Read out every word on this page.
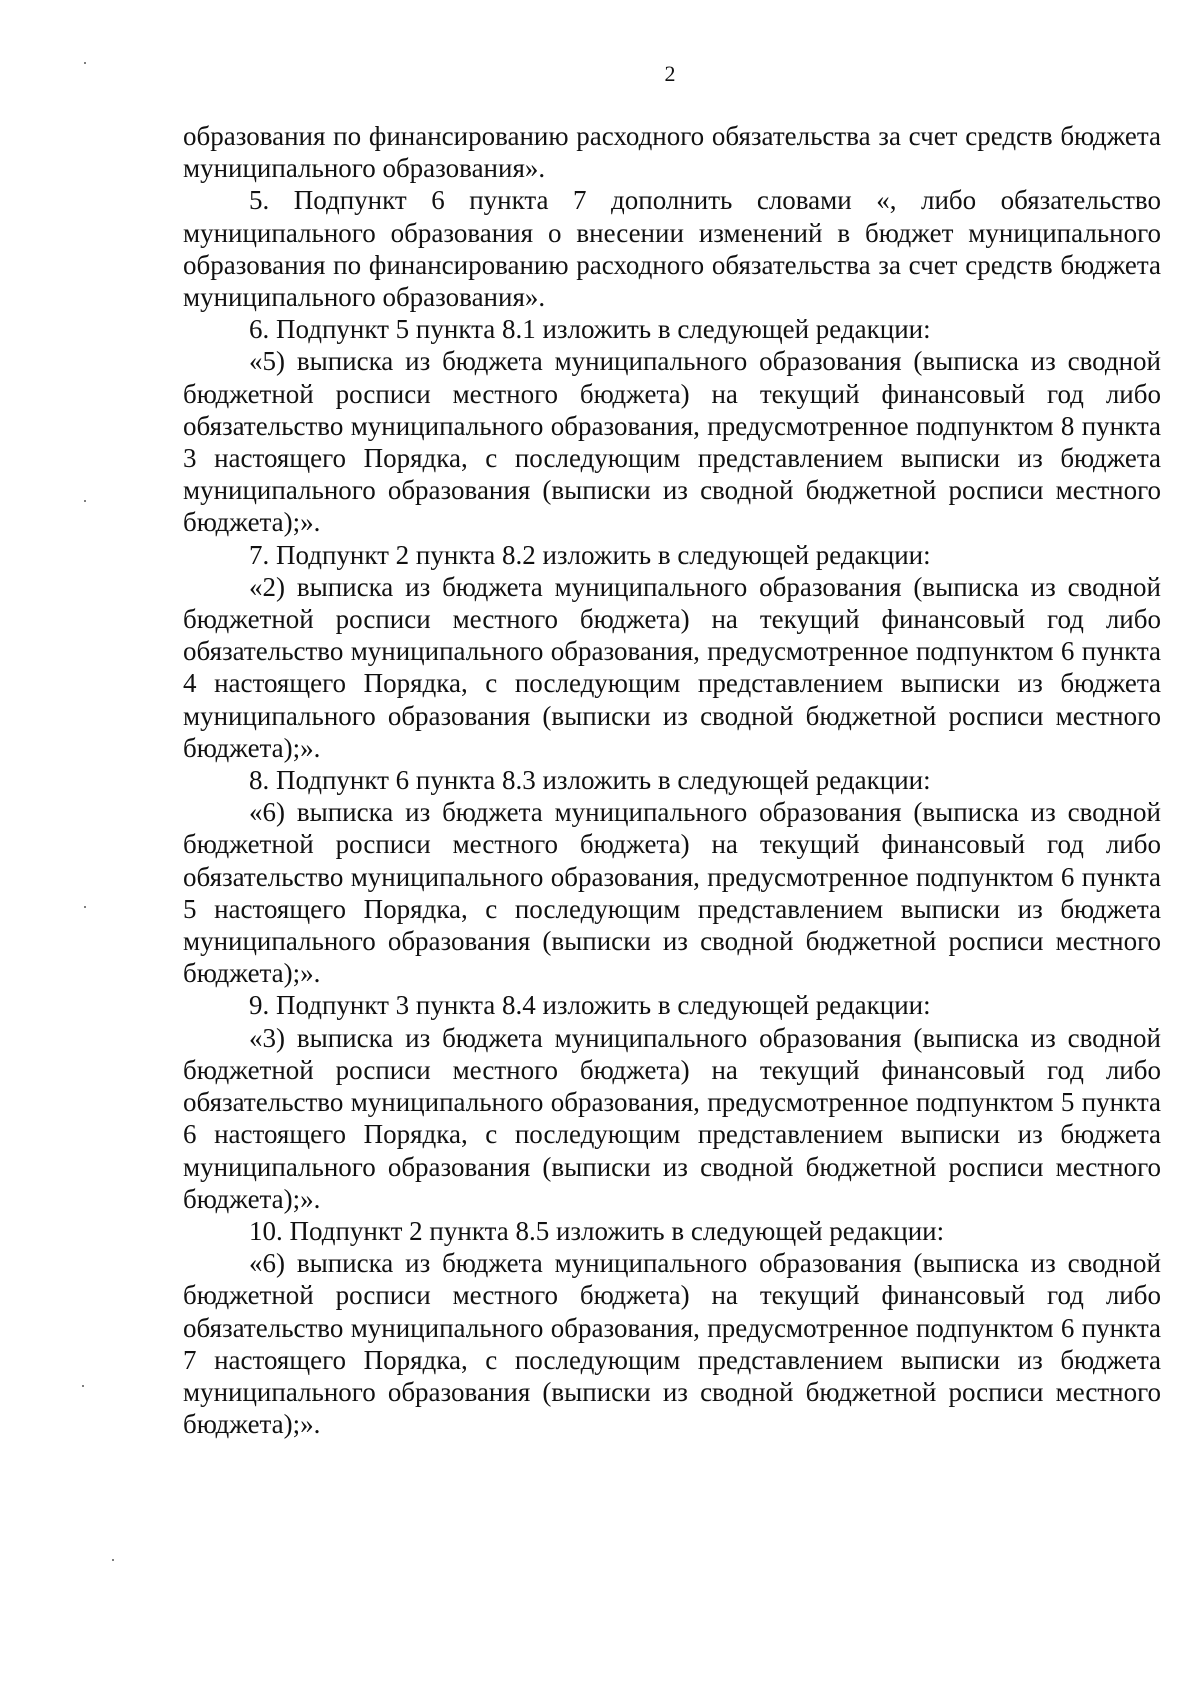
2

образования по финансированию расходного обязательства за счет средств бюджета муниципального образования».

5. Подпункт 6 пункта 7 дополнить словами «, либо обязательство муниципального образования о внесении изменений в бюджет муниципального образования по финансированию расходного обязательства за счет средств бюджета муниципального образования».

6. Подпункт 5 пункта 8.1 изложить в следующей редакции:

«5) выписка из бюджета муниципального образования (выписка из сводной бюджетной росписи местного бюджета) на текущий финансовый год либо обязательство муниципального образования, предусмотренное подпунктом 8 пункта 3 настоящего Порядка, с последующим представлением выписки из бюджета муниципального образования (выписки из сводной бюджетной росписи местного бюджета);».

7. Подпункт 2 пункта 8.2 изложить в следующей редакции:

«2) выписка из бюджета муниципального образования (выписка из сводной бюджетной росписи местного бюджета) на текущий финансовый год либо обязательство муниципального образования, предусмотренное подпунктом 6 пункта 4 настоящего Порядка, с последующим представлением выписки из бюджета муниципального образования (выписки из сводной бюджетной росписи местного бюджета);».

8. Подпункт 6 пункта 8.3 изложить в следующей редакции:

«6) выписка из бюджета муниципального образования (выписка из сводной бюджетной росписи местного бюджета) на текущий финансовый год либо обязательство муниципального образования, предусмотренное подпунктом 6 пункта 5 настоящего Порядка, с последующим представлением выписки из бюджета муниципального образования (выписки из сводной бюджетной росписи местного бюджета);».

9. Подпункт 3 пункта 8.4 изложить в следующей редакции:

«3) выписка из бюджета муниципального образования (выписка из сводной бюджетной росписи местного бюджета) на текущий финансовый год либо обязательство муниципального образования, предусмотренное подпунктом 5 пункта 6 настоящего Порядка, с последующим представлением выписки из бюджета муниципального образования (выписки из сводной бюджетной росписи местного бюджета);».

10. Подпункт 2 пункта 8.5 изложить в следующей редакции:

«6) выписка из бюджета муниципального образования (выписка из сводной бюджетной росписи местного бюджета) на текущий финансовый год либо обязательство муниципального образования, предусмотренное подпунктом 6 пункта 7 настоящего Порядка, с последующим представлением выписки из бюджета муниципального образования (выписки из сводной бюджетной росписи местного бюджета);».
